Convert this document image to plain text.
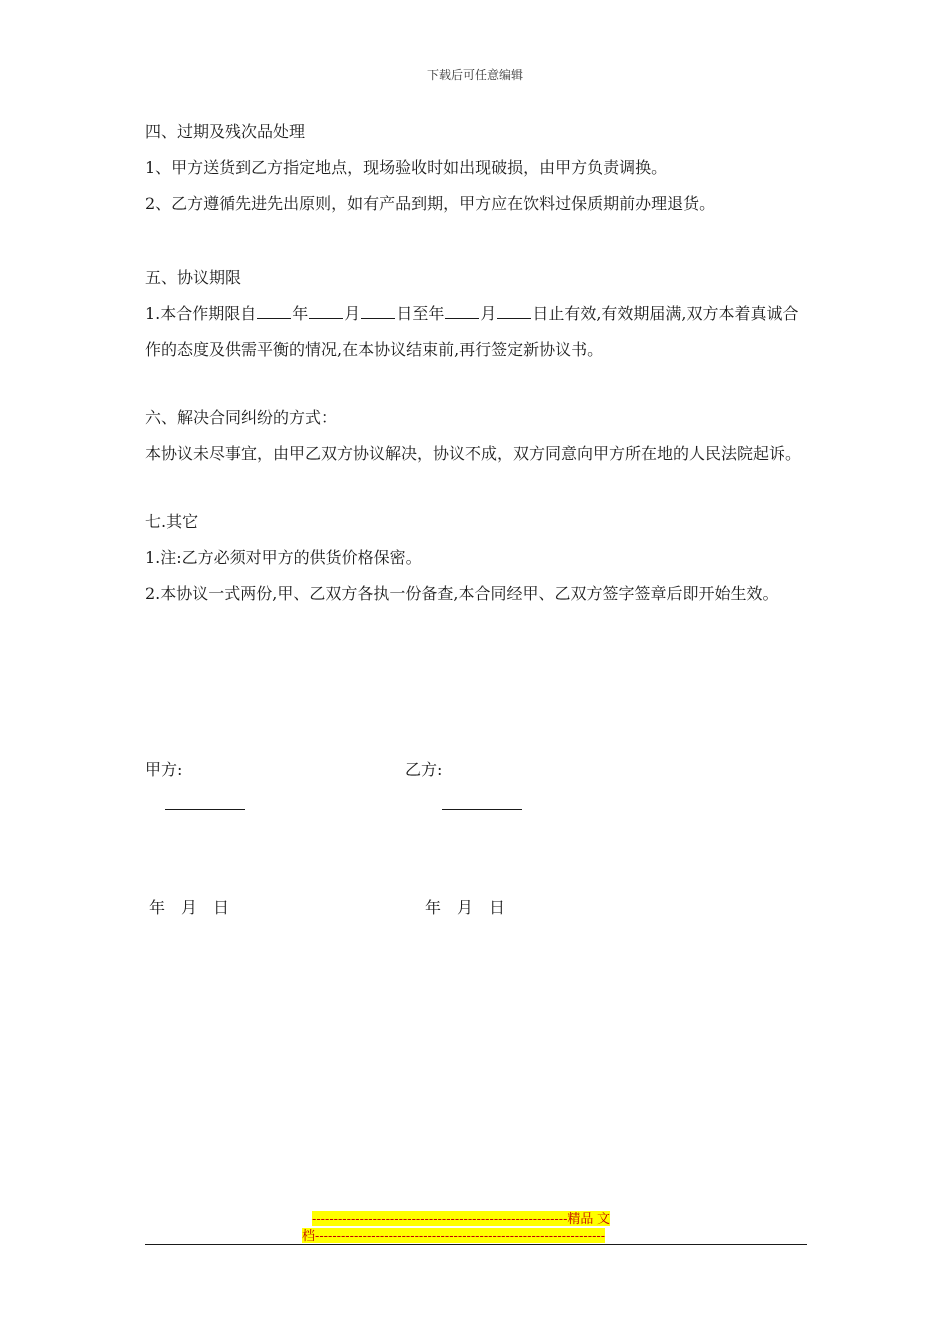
下载后可任意编辑

四、过期及残次品处理

1、甲方送货到乙方指定地点，现场验收时如出现破损，由甲方负责调换。

2、乙方遵循先进先出原则，如有产品到期，甲方应在饮料过保质期前办理退货。

五、协议期限

1.本合作期限自 年 月 日至年 月 日止有效,有效期届满,双方本着真诚合作的态度及供需平衡的情况,在本协议结束前,再行签定新协议书。

六、解决合同纠纷的方式：

本协议未尽事宜，由甲乙双方协议解决，协议不成，双方同意向甲方所在地的人民法院起诉。

七.其它

1.注:乙方必须对甲方的供货价格保密。

2.本协议一式两份,甲、乙双方各执一份备查,本合同经甲、乙双方签字签章后即开始生效。

甲方:	乙方:
年 月 日	年 月 日
-----------------------------------------------------------精品 文
档-------------------------------------------------------------------
